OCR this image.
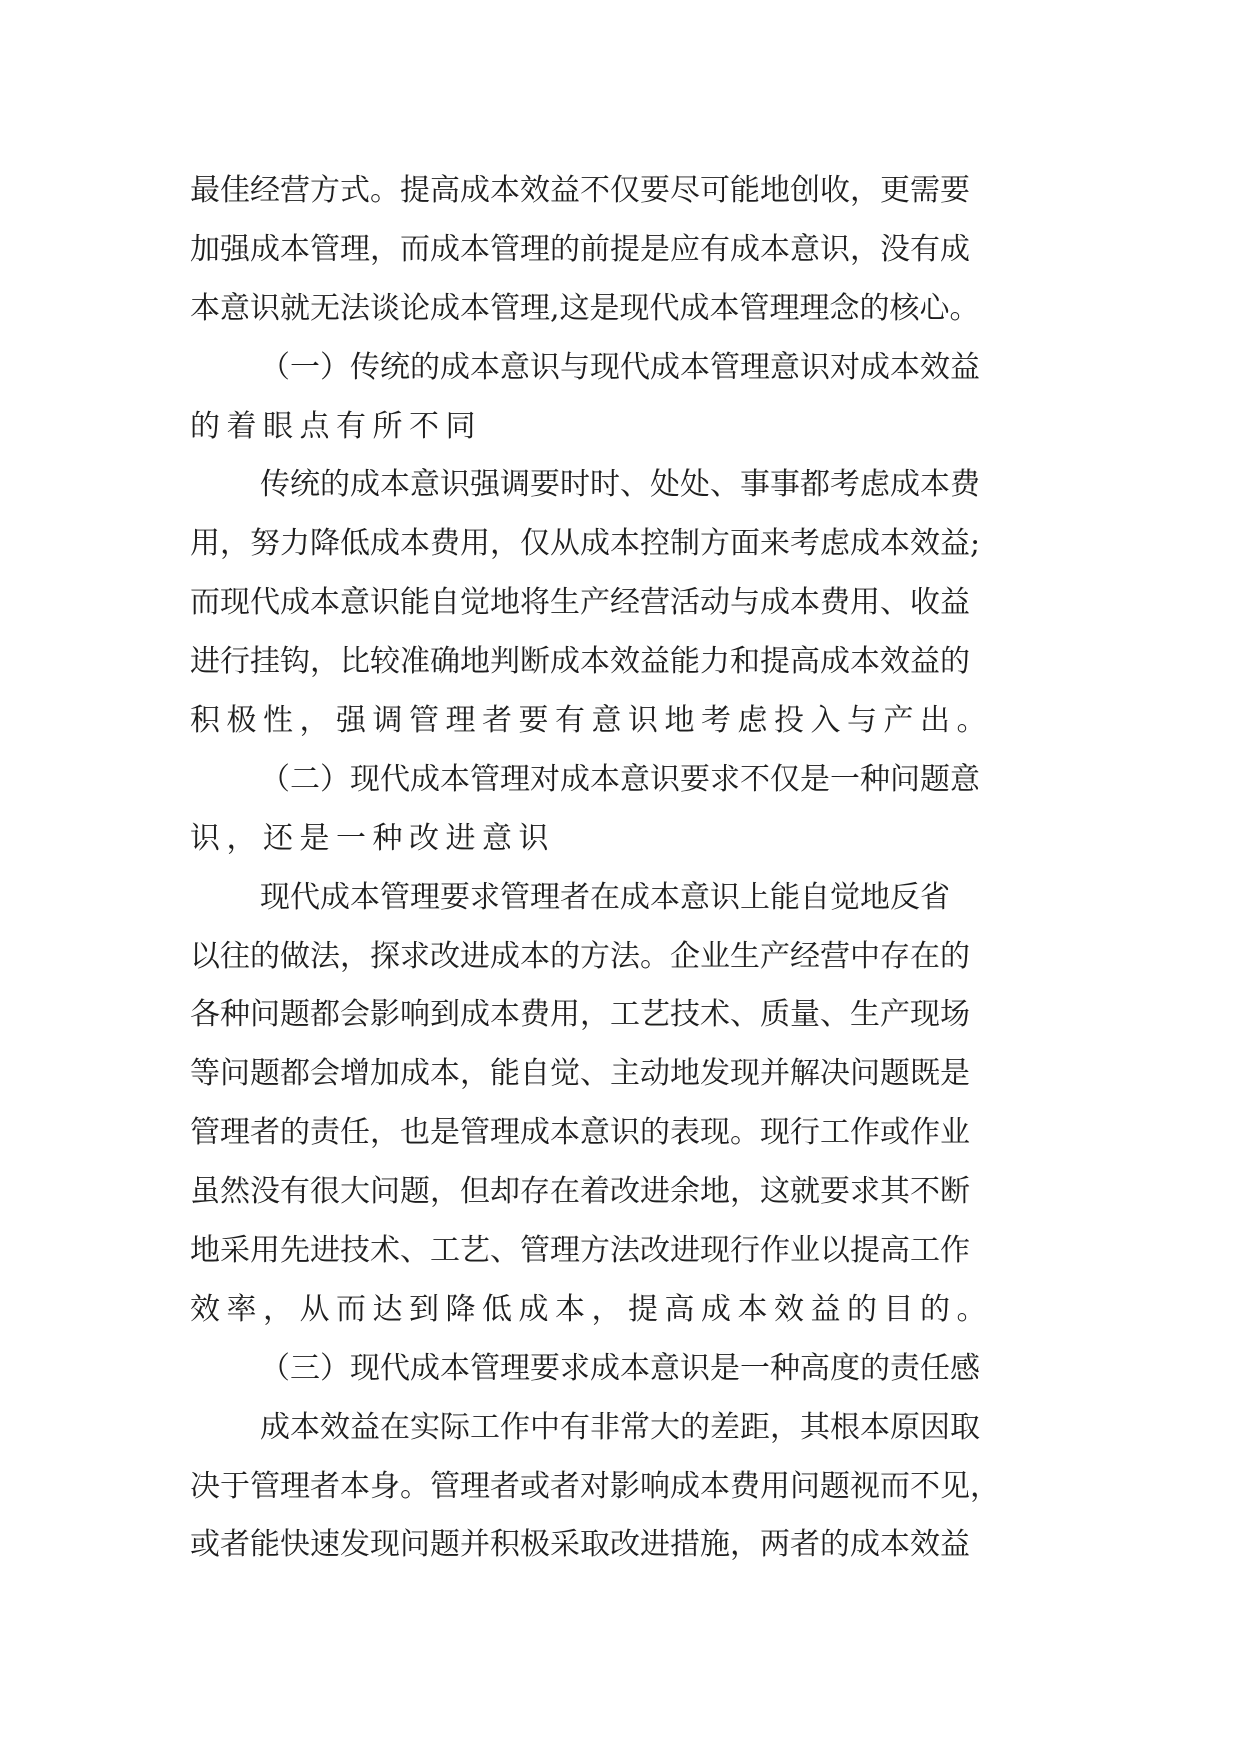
最佳经营方式。提高成本效益不仅要尽可能地创收，更需要
加强成本管理，而成本管理的前提是应有成本意识，没有成
本意识就无法谈论成本管理,这是现代成本管理理念的核心。
（一）传统的成本意识与现代成本管理意识对成本效益
的着眼点有所不同
传统的成本意识强调要时时、处处、事事都考虑成本费
用，努力降低成本费用，仅从成本控制方面来考虑成本效益;
而现代成本意识能自觉地将生产经营活动与成本费用、收益
进行挂钩，比较准确地判断成本效益能力和提高成本效益的
积极性，强调管理者要有意识地考虑投入与产出。
（二）现代成本管理对成本意识要求不仅是一种问题意
识，还是一种改进意识
现代成本管理要求管理者在成本意识上能自觉地反省
以往的做法，探求改进成本的方法。企业生产经营中存在的
各种问题都会影响到成本费用，工艺技术、质量、生产现场
等问题都会增加成本，能自觉、主动地发现并解决问题既是
管理者的责任，也是管理成本意识的表现。现行工作或作业
虽然没有很大问题，但却存在着改进余地，这就要求其不断
地采用先进技术、工艺、管理方法改进现行作业以提高工作
效率，从而达到降低成本，提高成本效益的目的。
（三）现代成本管理要求成本意识是一种高度的责任感
成本效益在实际工作中有非常大的差距，其根本原因取
决于管理者本身。管理者或者对影响成本费用问题视而不见，
或者能快速发现问题并积极采取改进措施，两者的成本效益
